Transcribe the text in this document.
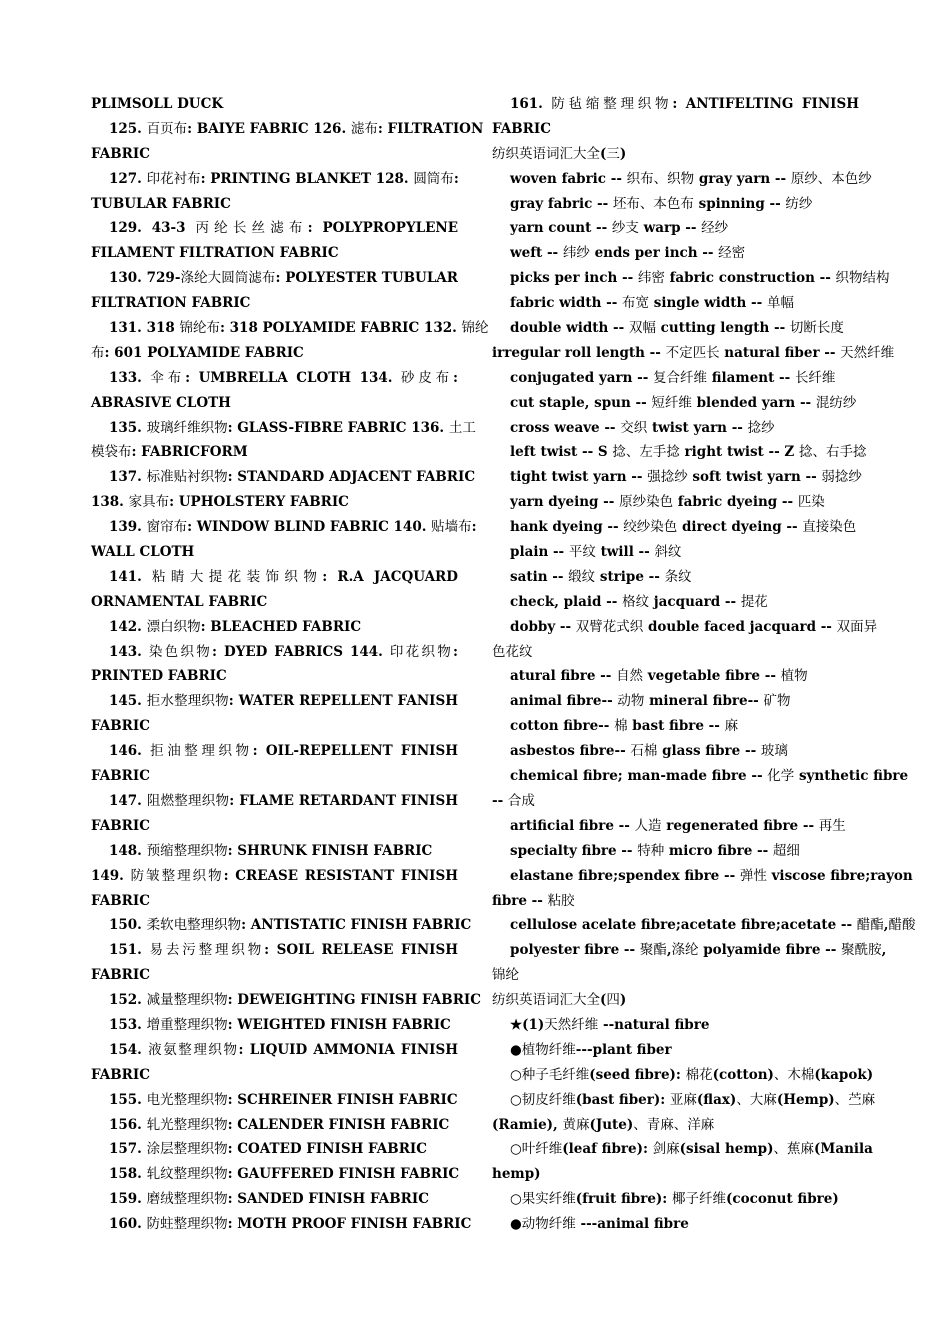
PLIMSOLL DUCK
125. 百页布: BAIYE FABRIC 126. 滤布: FILTRATION
FABRIC
127. 印花衬布: PRINTING BLANKET 128. 圆筒布:
TUBULAR FABRIC
129. 43-3 丙纶长丝滤布: POLYPROPYLENE
FILAMENT FILTRATION FABRIC
130. 729-涤纶大圆筒滤布: POLYESTER TUBULAR
FILTRATION FABRIC
131. 318 锦纶布: 318 POLYAMIDE FABRIC 132. 锦纶
布: 601 POLYAMIDE FABRIC
133. 伞布: UMBRELLA CLOTH 134. 砂皮布:
ABRASIVE CLOTH
135. 玻璃纤维织物: GLASS-FIBRE FABRIC 136. 土工
模袋布: FABRICFORM
137. 标准贴衬织物: STANDARD ADJACENT FABRIC
138. 家具布: UPHOLSTERY FABRIC
139. 窗帘布: WINDOW BLIND FABRIC 140. 贴墙布:
WALL CLOTH
141. 粘睛大提花装饰织物: R.A JACQUARD
ORNAMENTAL FABRIC
142. 漂白织物: BLEACHED FABRIC
143. 染色织物: DYED FABRICS 144. 印花织物:
PRINTED FABRIC
145. 拒水整理织物: WATER REPELLENT FANISH
FABRIC
146. 拒油整理织物: OIL-REPELLENT FINISH
FABRIC
147. 阻燃整理织物: FLAME RETARDANT FINISH
FABRIC
148. 预缩整理织物: SHRUNK FINISH FABRIC
149. 防皱整理织物: CREASE RESISTANT FINISH
FABRIC
150. 柔软电整理织物: ANTISTATIC FINISH FABRIC
151. 易去污整理织物: SOIL RELEASE FINISH
FABRIC
152. 减量整理织物: DEWEIGHTING FINISH FABRIC
153. 增重整理织物: WEIGHTED FINISH FABRIC
154. 液氨整理织物: LIQUID AMMONIA FINISH
FABRIC
155. 电光整理织物: SCHREINER FINISH FABRIC
156. 轧光整理织物: CALENDER FINISH FABRIC
157. 涂层整理织物: COATED FINISH FABRIC
158. 轧纹整理织物: GAUFFERED FINISH FABRIC
159. 磨绒整理织物: SANDED FINISH FABRIC
160. 防蛀整理织物: MOTH PROOF FINISH FABRIC
161. 防毡缩整理织物: ANTIFELTING FINISH
FABRIC
纺织英语词汇大全(三)
woven fabric -- 织布、织物 gray yarn -- 原纱、本色纱
gray fabric -- 坯布、本色布 spinning -- 纺纱
yarn count -- 纱支 warp -- 经纱
weft -- 纬纱 ends per inch -- 经密
picks per inch -- 纬密 fabric construction -- 织物结构
fabric width -- 布宽 single width -- 单幅
double width -- 双幅 cutting length -- 切断长度
irregular roll length -- 不定匹长 natural fiber -- 天然纤维
conjugated yarn -- 复合纤维 filament -- 长纤维
cut staple, spun -- 短纤维 blended yarn -- 混纺纱
cross weave -- 交织 twist yarn -- 捻纱
left twist -- S 捻、左手捻 right twist -- Z 捻、右手捻
tight twist yarn -- 强捻纱 soft twist yarn -- 弱捻纱
yarn dyeing -- 原纱染色 fabric dyeing -- 匹染
hank dyeing -- 绞纱染色 direct dyeing -- 直接染色
plain -- 平纹 twill -- 斜纹
satin -- 缎纹 stripe -- 条纹
check, plaid -- 格纹 jacquard -- 提花
dobby -- 双臂花式织 double faced jacquard -- 双面异
色花纹
atural fibre -- 自然 vegetable fibre -- 植物
animal fibre-- 动物 mineral fibre-- 矿物
cotton fibre-- 棉 bast fibre -- 麻
asbestos fibre-- 石棉 glass fibre -- 玻璃
chemical fibre; man-made fibre -- 化学 synthetic fibre
-- 合成
artificial fibre -- 人造 regenerated fibre -- 再生
specialty fibre -- 特种 micro fibre -- 超细
elastane fibre;spendex fibre -- 弹性 viscose fibre;rayon
fibre -- 粘胶
cellulose acelate fibre;acetate fibre;acetate -- 醋酯,醋酸
polyester fibre -- 聚酯,涤纶 polyamide fibre -- 聚酰胺,
锦纶
纺织英语词汇大全(四)
★(1)天然纤维 --natural fibre
●植物纤维---plant fiber
○种子毛纤维(seed fibre): 棉花(cotton)、木棉(kapok)
○韧皮纤维(bast fiber): 亚麻(flax)、大麻(Hemp)、苎麻
(Ramie), 黄麻(Jute)、青麻、洋麻
○叶纤维(leaf fibre): 剑麻(sisal hemp)、蕉麻(Manila
hemp)
○果实纤维(fruit fibre): 椰子纤维(coconut fibre)
●动物纤维 ---animal fibre
